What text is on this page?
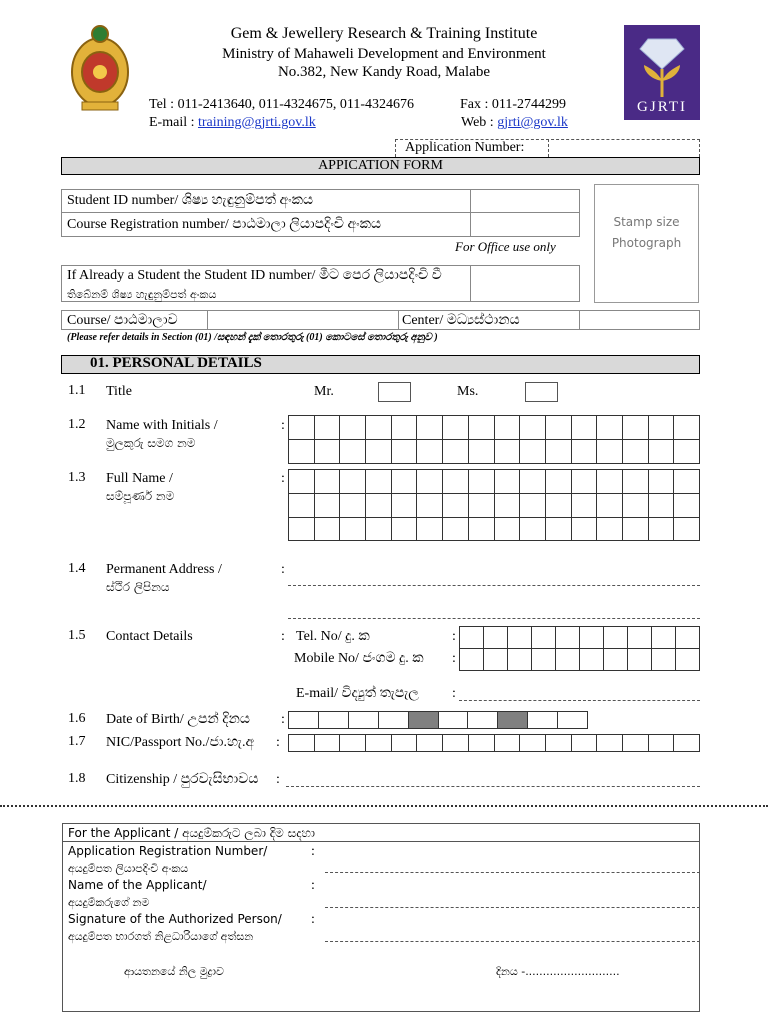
Gem & Jewellery Research & Training Institute
Ministry of Mahaweli Development and Environment
No.382, New Kandy Road, Malabe
Tel : 011-2413640, 011-4324675, 011-4324676	Fax : 011-2744299
E-mail : training@gjrti.gov.lk	Web : gjrti@gov.lk
GJRTI
Application Number:
APPICATION FORM
Student ID number/ ශිෂ්‍ය හැඳුනුම්පත් අංකය
Course Registration number/ පාඨමාලා ලියාපදිංචි අංකය
For Office use only
If Already a Student the Student ID number/ මීට පෙර ලියාපදිංචි වී
තිබේනම් ශිෂ්‍ය හැඳුනුම්පත් අංකය
Stamp size
Photograph
Course/ පාඨමාලාව	Center/ මධ්‍යස්ථානය
(Please refer details in Section (01) /සඳහන් දැක් තොරතුරු (01) කොටසේ තොරතුරු අනුව )
01. PERSONAL DETAILS
1.1 Title	Mr.	Ms.
1.2 Name with Initials /
මුලකුරු සමග නම
:
1.3 Full Name /
සම්පූර්ණ නම
:
1.4 Permanent Address /
ස්ථිර ලිපිනය
:
1.5 Contact Details	: Tel. No/ දු. ක	:
Mobile No/ ජංගම දු. ක :
E-mail/ විද්‍යුත් තැපැල :
1.6 Date of Birth/ උපන් දිනය :
1.7 NIC/Passport No./ජා.හැ.අ :
1.8 Citizenship / පුරවැසිභාවය :
For the Applicant / අයදුම්කරුට ලබා දිම සදහා
Application Registration Number/
අයදුම්පත ලියාපදිංචි අංකය
:
Name of the Applicant/
අයදුම්කරුගේ නම
:
Signature of the Authorized Person/
අයදුම්පත භාරගත් නිළධාරියාගේ අත්සන
:
ආයතනයේ නිල මුද්‍රාව	දිනය -...........................
